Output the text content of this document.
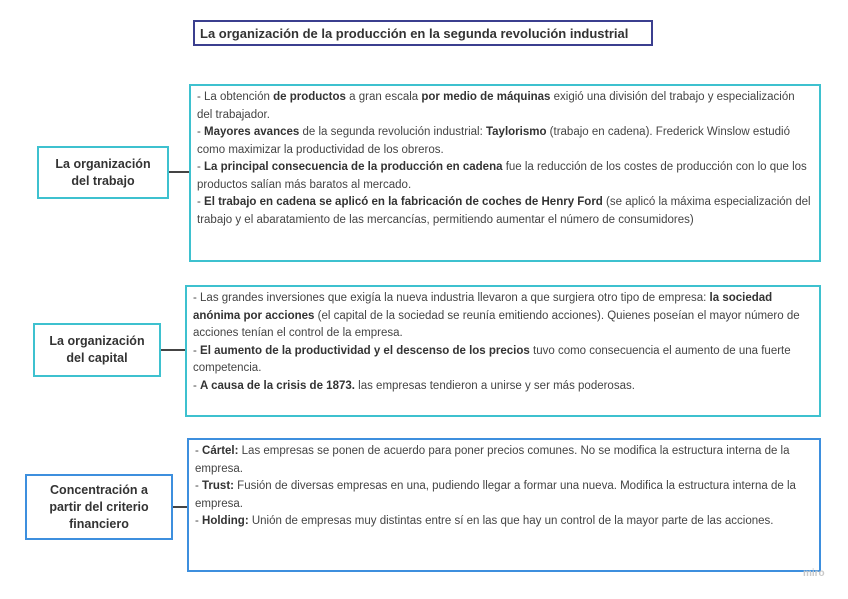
La organización de la producción en la segunda revolución industrial
La organización
del trabajo

- La obtención de productos a gran escala por medio de máquinas exigió una división del trabajo y especialización del trabajador.

- Mayores avances de la segunda revolución industrial: Taylorismo (trabajo en cadena). Frederick Winslow estudió como maximizar la productividad de los obreros.

- La principal consecuencia de la producción en cadena fue la reducción de los costes de producción con lo que los productos salían más baratos al mercado.

- El trabajo en cadena se aplicó en la fabricación de coches de Henry Ford (se aplicó la máxima especialización del trabajo y el abaratamiento de las mercancías, permitiendo aumentar el número de consumidores)

La organización
del capital

- Las grandes inversiones que exigía la nueva industria llevaron a que surgiera otro tipo de empresa: la sociedad anónima por acciones (el capital de la sociedad se reunía emitiendo acciones). Quienes poseían el mayor número de acciones tenían el control de la empresa.

- El aumento de la productividad y el descenso de los precios tuvo como consecuencia el aumento de una fuerte competencia.

- A causa de la crisis de 1873. las empresas tendieron a unirse y ser más poderosas.

Concentración a
partir del criterio
financiero

- Cártel: Las empresas se ponen de acuerdo para poner precios comunes. No se modifica la estructura interna de la empresa.

- Trust: Fusión de diversas empresas en una, pudiendo llegar a formar una nueva. Modifica la estructura interna de la empresa.

- Holding: Unión de empresas muy distintas entre sí en las que hay un control de la mayor parte de las acciones.

miro
